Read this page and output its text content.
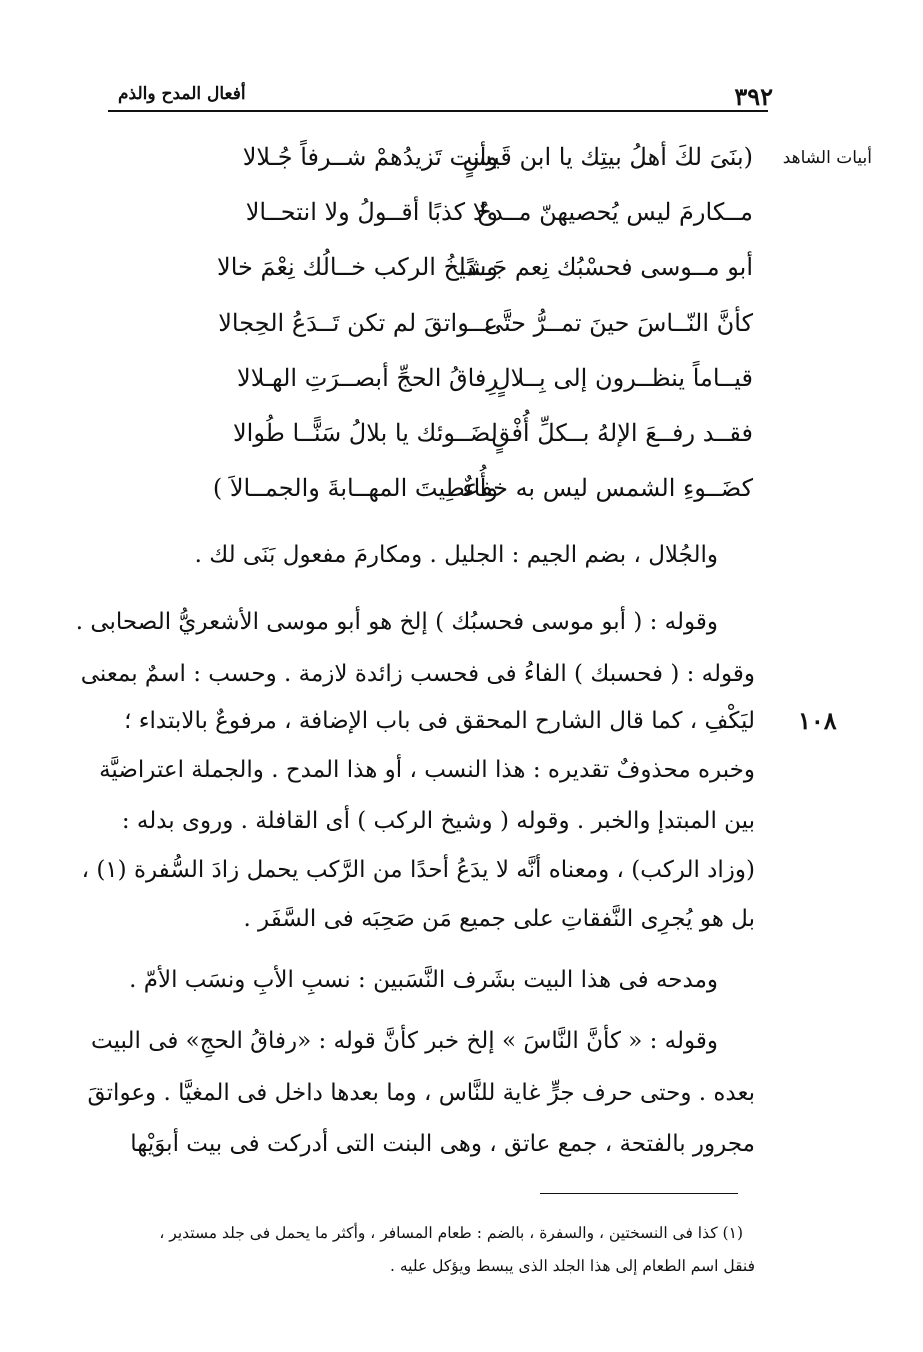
٣٩٢
أفعال المدح والذم
أبيات الشاهد
(بنَىَ لكَ أهلُ بيتِك يا ابن قَيسٍ
وأنت تَزيدُهمْ شــرفاً جُـلالا
مــكارمَ ليس يُحصيهنّ مــدحٌ
ولا كذبًا أقــولُ ولا انتحــالا
أبو مــوسى فحسْبُك نِعم جَــدًا
وشيخُ الركب خــالُك نِعْمَ خالا
كأنَّ النّــاسَ حينَ تمــرُّ حتَّى
عــواتقَ لم تكن تَــدَعُ الحِجالا
قيــاماً ينظــرون إلى بِــلالٍ
رِفاقُ الحجِّ أبصــرَتِ الهـلالا
فقــد رفــعَ الإلهُ بــكلِّ أُفْقٍ
لضَــوئك يا بلالُ سَنًّــا طُوالا
كضَــوءِ الشمس ليس به خفاءٌ
وأُعطِيتَ المهــابةَ والجمــالاَ )
والجُلال ، بضم الجيم : الجليل . ومكارمَ مفعول بَنَى لك .
وقوله : ( أبو موسى فحسبُك ) إلخ هو أبو موسى الأشعريُّ الصحابى .
وقوله : ( فحسبك ) الفاءُ فى فحسب زائدة لازمة . وحسب : اسمٌ بمعنى
ليَكْفِ ، كما قال الشارح المحقق فى باب الإضافة ، مرفوعٌ بالابتداء ؛
وخبره محذوفٌ تقديره : هذا النسب ، أو هذا المدح . والجملة اعتراضيَّة
بين المبتدإ والخبر . وقوله ( وشيخ الركب ) أى القافلة . وروى بدله :
(وزاد الركب) ، ومعناه أنَّه لا يدَعُ أحدًا من الرَّكب يحمل زادَ السُّفرة (١) ،
بل هو يُجرِى النَّفقاتِ على جميع مَن صَحِبَه فى السَّفَر .
ومدحه فى هذا البيت بشَرف النَّسَبين : نسبِ الأبِ ونسَب الأمّ .
وقوله : « كأنَّ النَّاسَ » إلخ خبر كأنَّ قوله : «رفاقُ الحجِ» فى البيت
بعده . وحتى حرف جرٍّ غاية للنَّاس ، وما بعدها داخل فى المغيَّا . وعواتقَ
مجرور بالفتحة ، جمع عاتق ، وهى البنت التى أدركت فى بيت أبوَيْها
١٠٨
(١) كذا فى النسختين ، والسفرة ، بالضم : طعام المسافر ، وأكثر ما يحمل فى جلد مستدير ،
فنقل اسم الطعام إلى هذا الجلد الذى يبسط ويؤكل عليه .
